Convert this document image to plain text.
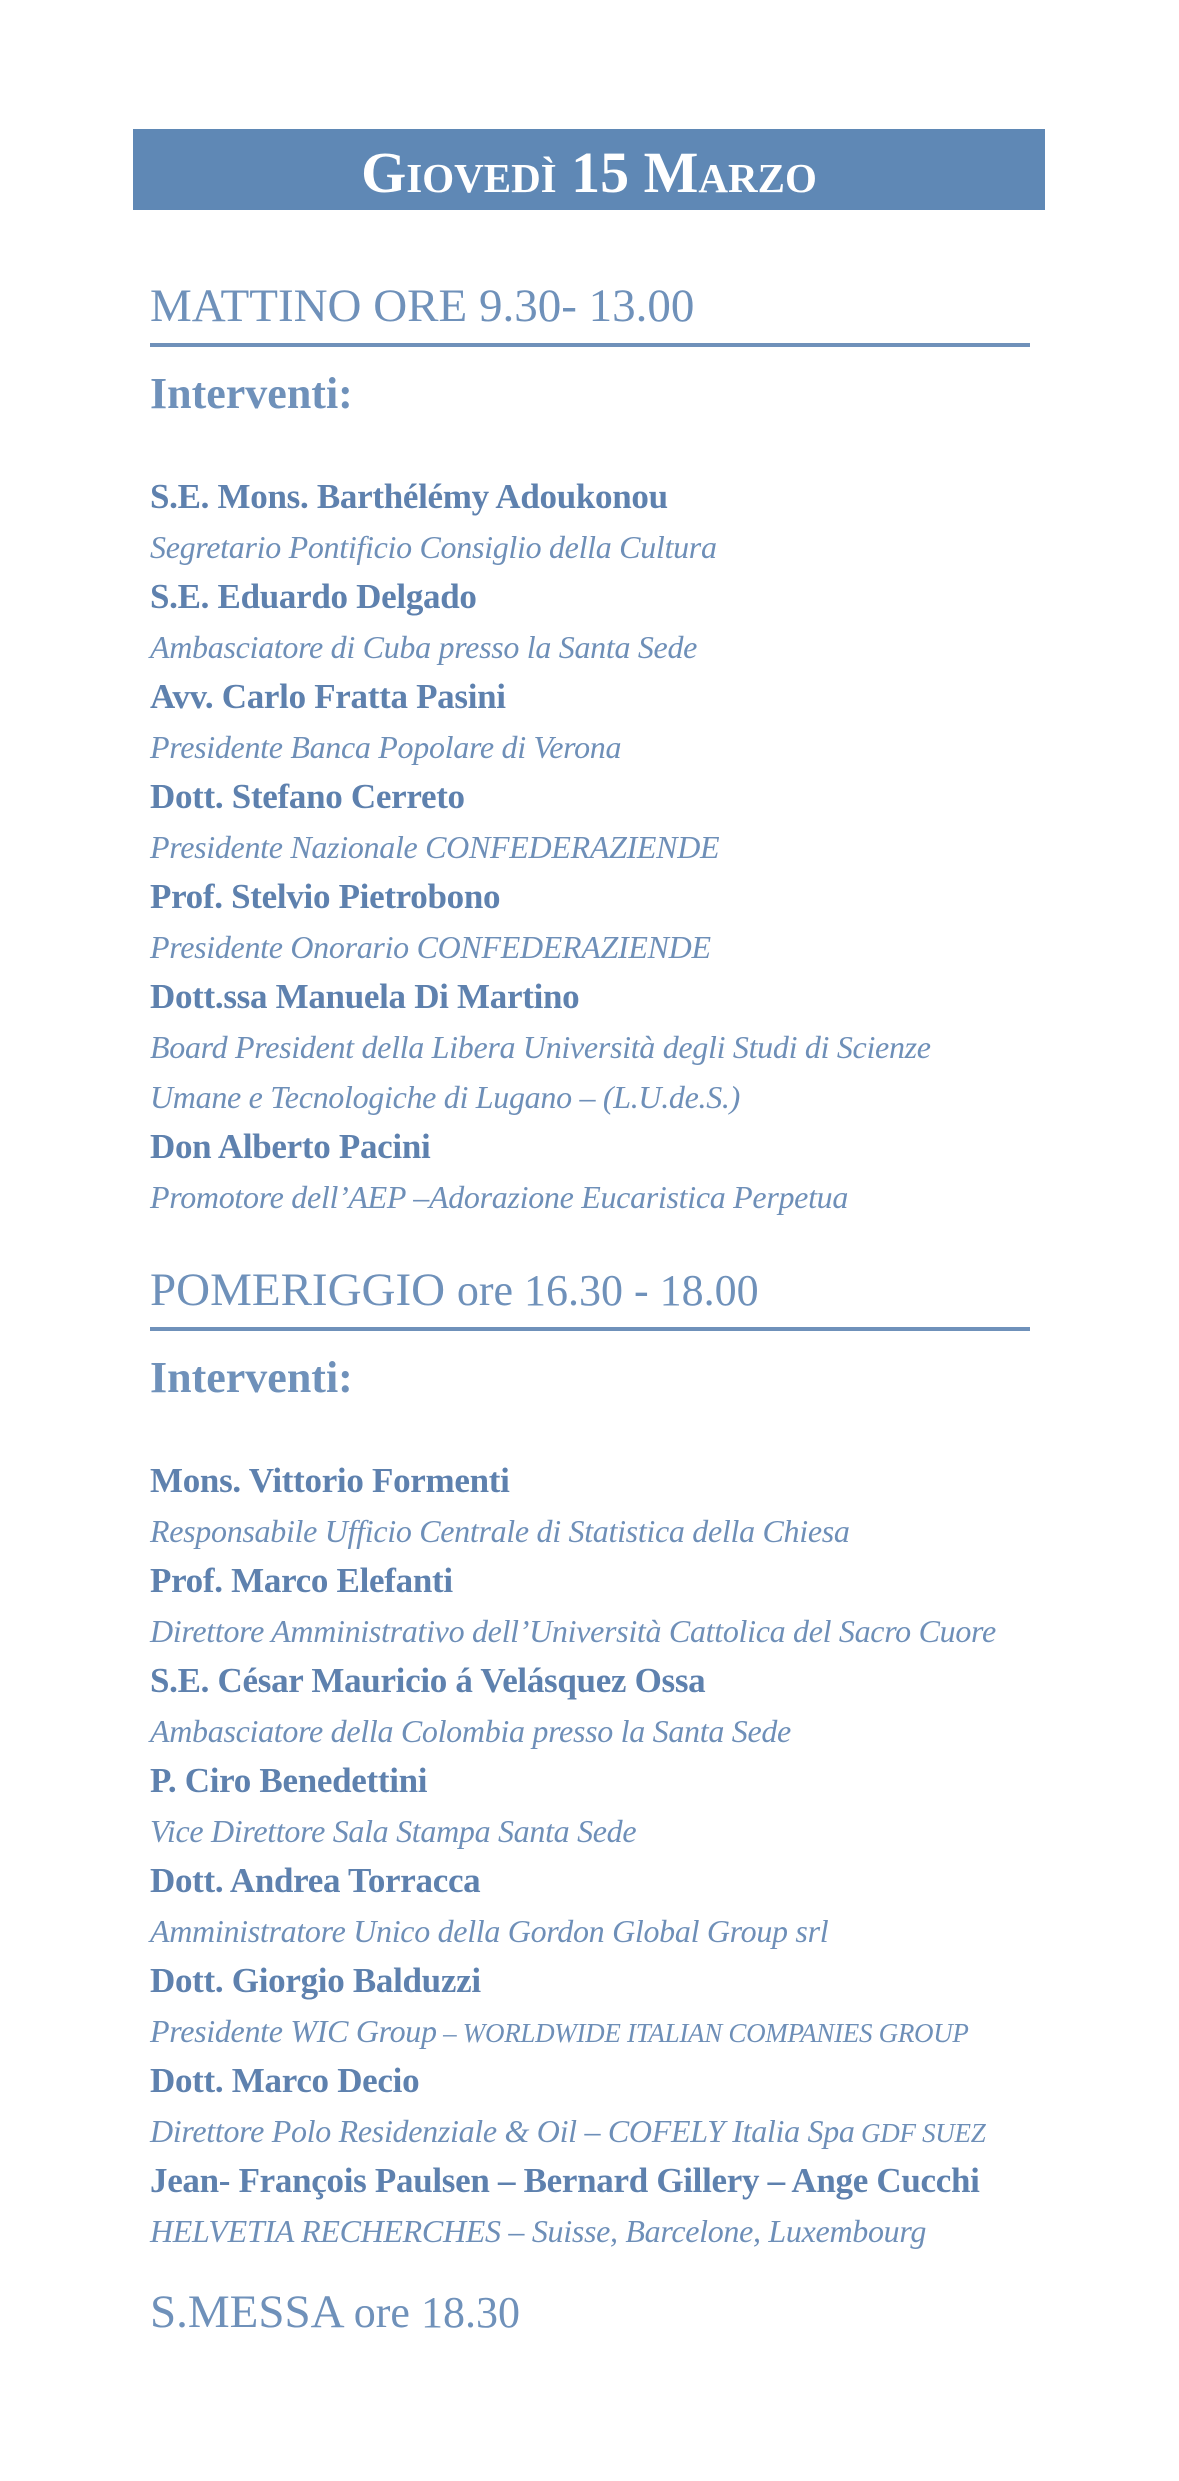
Giovedì 15 Marzo
MATTINO ORE 9.30- 13.00
Interventi:
S.E. Mons. Barthélémy Adoukonou
Segretario Pontificio Consiglio della Cultura
S.E. Eduardo Delgado
Ambasciatore di Cuba presso la Santa Sede
Avv. Carlo Fratta Pasini
Presidente Banca Popolare di Verona
Dott. Stefano Cerreto
Presidente Nazionale CONFEDERAZIENDE
Prof. Stelvio Pietrobono
Presidente Onorario CONFEDERAZIENDE
Dott.ssa Manuela Di Martino
Board President della Libera Università degli Studi di Scienze
Umane e Tecnologiche di Lugano – (L.U.de.S.)
Don Alberto Pacini
Promotore dell’AEP –Adorazione Eucaristica Perpetua
POMERIGGIO ore 16.30 - 18.00
Interventi:
Mons. Vittorio Formenti
Responsabile Ufficio Centrale di Statistica della Chiesa
Prof. Marco Elefanti
Direttore Amministrativo dell’Università Cattolica del Sacro Cuore
S.E. César Mauricio á Velásquez Ossa
Ambasciatore della Colombia presso la Santa Sede
P. Ciro Benedettini
Vice Direttore Sala Stampa Santa Sede
Dott. Andrea Torracca
Amministratore Unico della Gordon Global Group srl
Dott. Giorgio Balduzzi
Presidente WIC Group – WORLDWIDE ITALIAN COMPANIES GROUP
Dott. Marco Decio
Direttore Polo Residenziale & Oil – COFELY Italia Spa GDF SUEZ
Jean- François Paulsen – Bernard Gillery – Ange Cucchi
HELVETIA RECHERCHES – Suisse, Barcelone, Luxembourg
S.MESSA ore 18.30
